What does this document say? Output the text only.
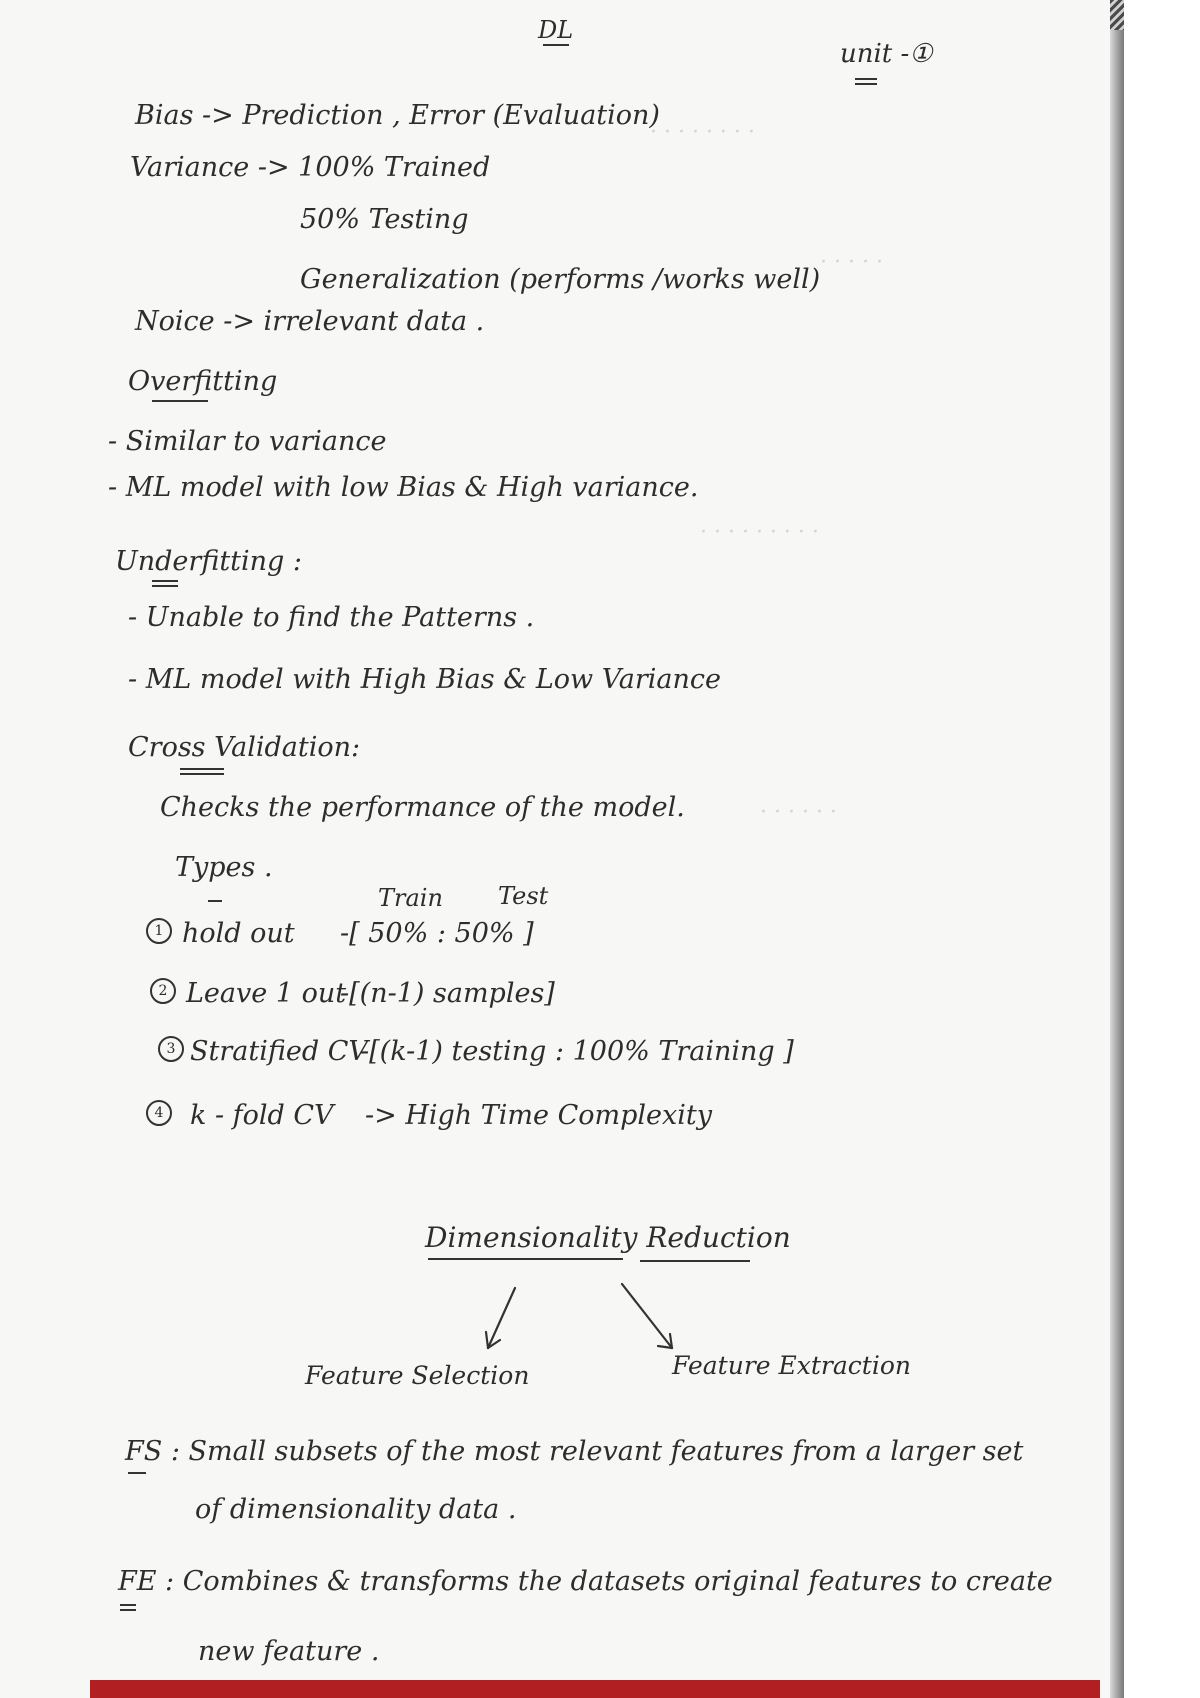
· · · · · · · ·
· · · · ·
· · · · · · · · ·
· · · · · ·
DL
unit -①
Bias -> Prediction , Error (Evaluation)
Variance -> 100% Trained
50% Testing
Generalization (performs /works well)
Noice -> irrelevant data .
Overfitting
- Similar to variance
- ML model with low Bias & High variance.
Underfitting :
- Unable to find the Patterns .
- ML model with High Bias & Low Variance
Cross Validation:
Checks the performance of the model.
Types .
Train Test
1 hold out -[ 50% : 50% ]
2 Leave 1 out
-[(n-1) samples]
3 Stratified CV
-[(k-1) testing : 100% Training ]
4 k - fold CV -> High Time Complexity
Dimensionality Reduction
Feature Selection	Feature Extraction
FS : Small subsets of the most relevant features from a larger set
of dimensionality data .
FE : Combines & transforms the datasets original features to create
new feature .
